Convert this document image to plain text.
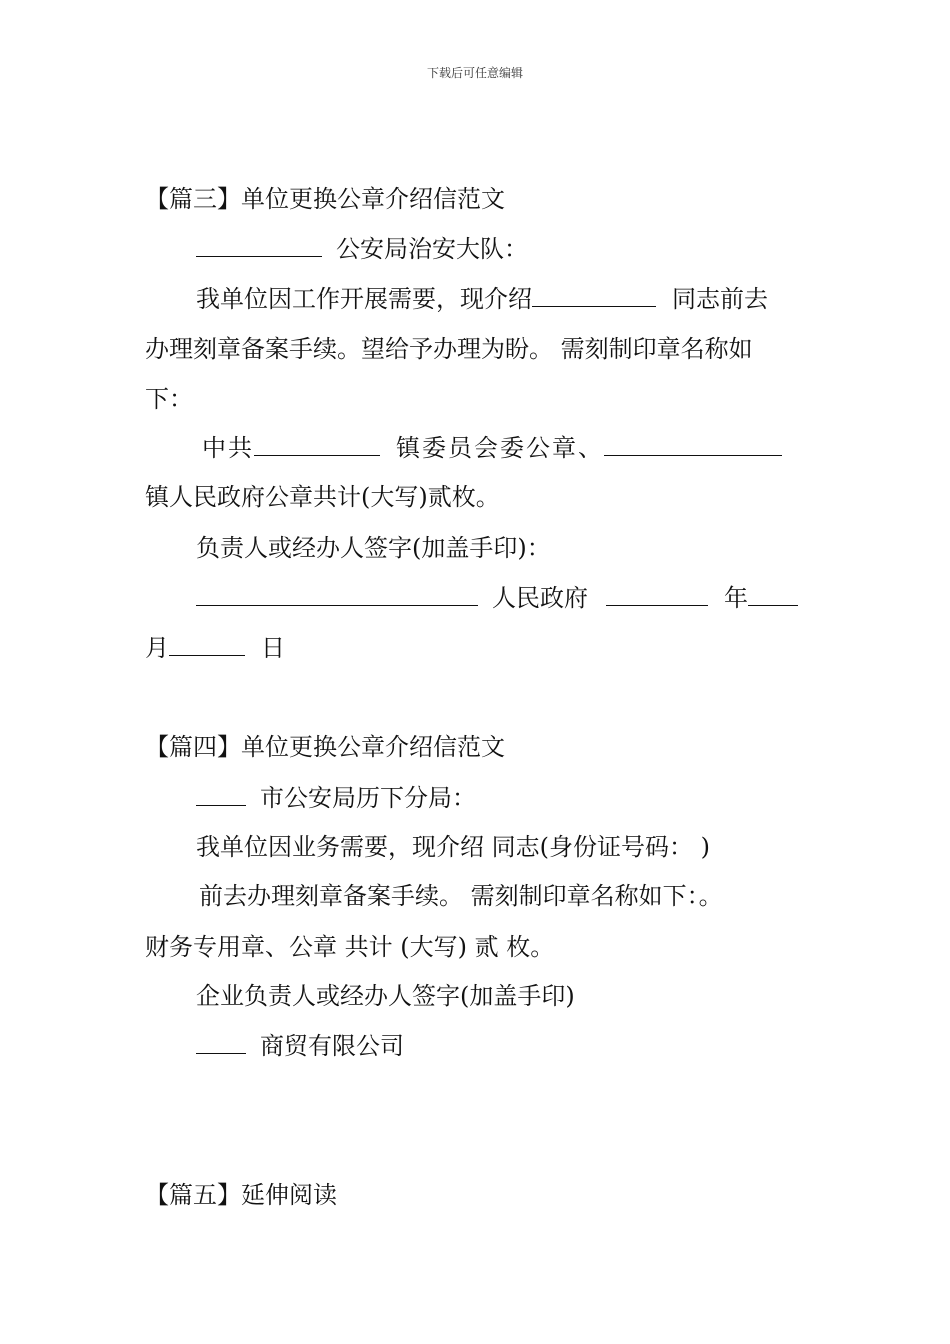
下载后可任意编辑
【篇三】单位更换公章介绍信范文
公安局治安大队：
我单位因工作开展需要，现介绍	同志前去
办理刻章备案手续。望给予办理为盼。 需刻制印章名称如
下：
中共	镇委员会委公章、
镇人民政府公章共计(大写)贰枚。
负责人或经办人签字(加盖手印)：
人民政府	年
月	日
【篇四】单位更换公章介绍信范文
市公安局历下分局：
我单位因业务需要，现介绍 同志(身份证号码： )
前去办理刻章备案手续。 需刻制印章名称如下：。
财务专用章、公章 共计 (大写) 贰 枚。
企业负责人或经办人签字(加盖手印)
商贸有限公司
【篇五】延伸阅读
